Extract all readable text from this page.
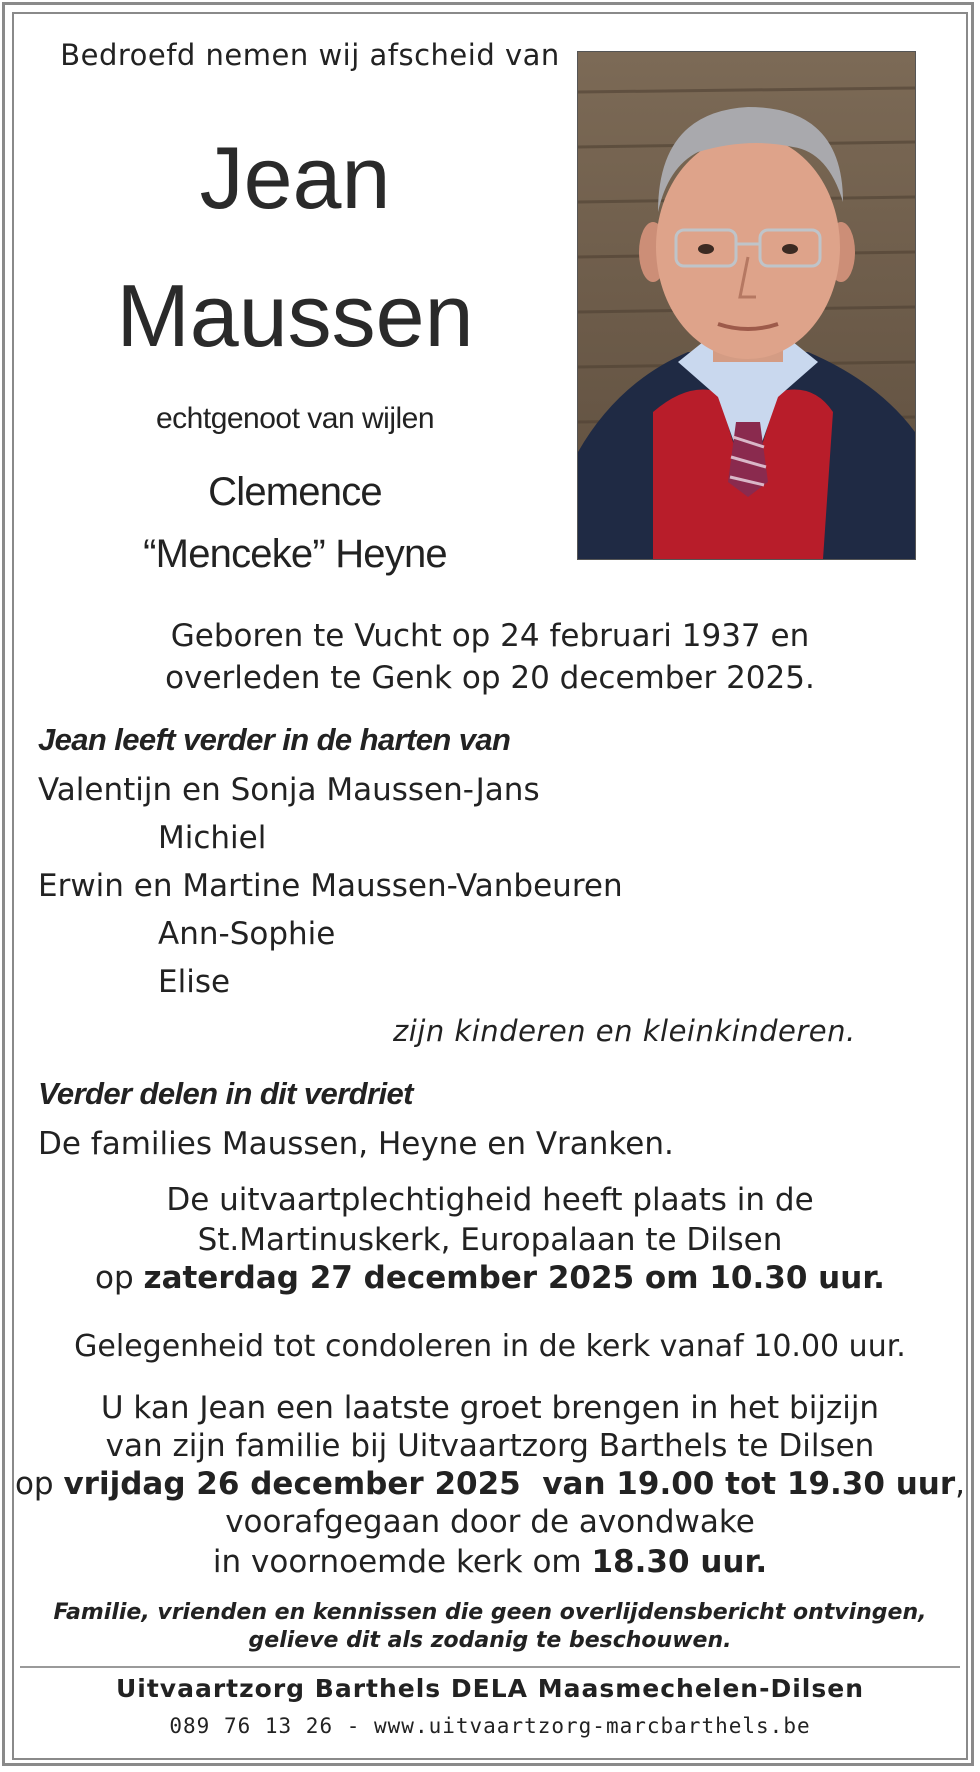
Bedroefd nemen wij afscheid van
Jean
Maussen
echtgenoot van wijlen
Clemence
“Menceke” Heyne
Geboren te Vucht op 24 februari 1937 en
overleden te Genk op 20 december 2025.
Jean leeft verder in de harten van
Valentijn en Sonja Maussen-Jans
Michiel
Erwin en Martine Maussen-Vanbeuren
Ann-Sophie
Elise
zijn kinderen en kleinkinderen.
Verder delen in dit verdriet
De families Maussen, Heyne en Vranken.
De uitvaartplechtigheid heeft plaats in de
St.Martinuskerk, Europalaan te Dilsen
op zaterdag 27 december 2025 om 10.30 uur.
Gelegenheid tot condoleren in de kerk vanaf 10.00 uur.
U kan Jean een laatste groet brengen in het bijzijn
van zijn familie bij Uitvaartzorg Barthels te Dilsen
op vrijdag 26 december 2025  van 19.00 tot 19.30 uur,
voorafgegaan door de avondwake
in voornoemde kerk om 18.30 uur.
Familie, vrienden en kennissen die geen overlijdensbericht ontvingen,
gelieve dit als zodanig te beschouwen.
Uitvaartzorg Barthels DELA Maasmechelen-Dilsen
089 76 13 26 - www.uitvaartzorg-marcbarthels.be
